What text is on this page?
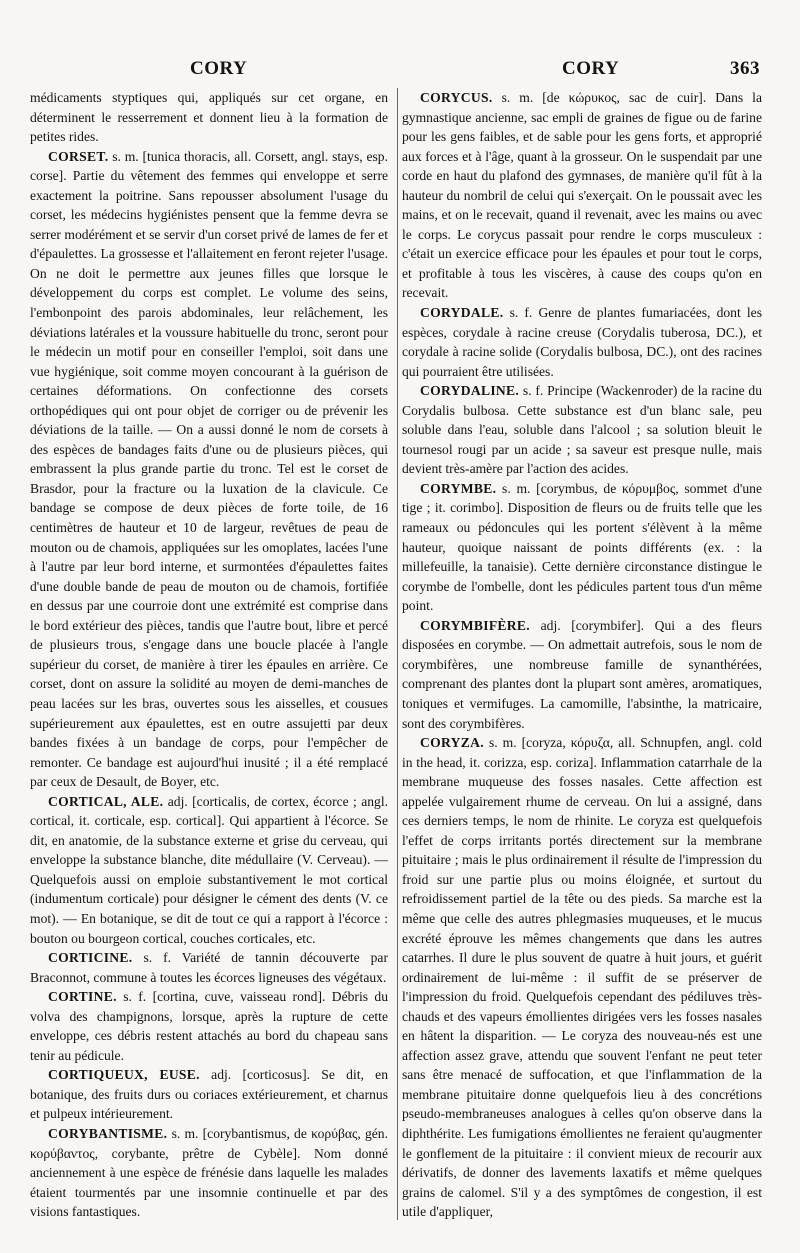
CORY	CORY	363

médicaments styptiques qui, appliqués sur cet organe, en déterminent le resserrement et donnent lieu à la formation de petites rides.

CORSET. s. m. [tunica thoracis, all. Corsett, angl. stays, esp. corse]. Partie du vêtement des femmes qui enveloppe et serre exactement la poitrine. Sans repousser absolument l'usage du corset, les médecins hygiénistes pensent que la femme devra se serrer modérément et se servir d'un corset privé de lames de fer et d'épaulettes. La grossesse et l'allaitement en feront rejeter l'usage. On ne doit le permettre aux jeunes filles que lorsque le développement du corps est complet. Le volume des seins, l'embonpoint des parois abdominales, leur relâchement, les déviations latérales et la voussure habituelle du tronc, seront pour le médecin un motif pour en conseiller l'emploi, soit dans une vue hygiénique, soit comme moyen concourant à la guérison de certaines déformations. On confectionne des corsets orthopédiques qui ont pour objet de corriger ou de prévenir les déviations de la taille. — On a aussi donné le nom de corsets à des espèces de bandages faits d'une ou de plusieurs pièces, qui embrassent la plus grande partie du tronc. Tel est le corset de Brasdor, pour la fracture ou la luxation de la clavicule. Ce bandage se compose de deux pièces de forte toile, de 16 centimètres de hauteur et 10 de largeur, revêtues de peau de mouton ou de chamois, appliquées sur les omoplates, lacées l'une à l'autre par leur bord interne, et surmontées d'épaulettes faites d'une double bande de peau de mouton ou de chamois, fortifiée en dessus par une courroie dont une extrémité est comprise dans le bord extérieur des pièces, tandis que l'autre bout, libre et percé de plusieurs trous, s'engage dans une boucle placée à l'angle supérieur du corset, de manière à tirer les épaules en arrière. Ce corset, dont on assure la solidité au moyen de demi-manches de peau lacées sur les bras, ouvertes sous les aisselles, et cousues supérieurement aux épaulettes, est en outre assujetti par deux bandes fixées à un bandage de corps, pour l'empêcher de remonter. Ce bandage est aujourd'hui inusité ; il a été remplacé par ceux de Desault, de Boyer, etc.

CORTICAL, ALE. adj. [corticalis, de cortex, écorce ; angl. cortical, it. corticale, esp. cortical]. Qui appartient à l'écorce. Se dit, en anatomie, de la substance externe et grise du cerveau, qui enveloppe la substance blanche, dite médullaire (V. Cerveau). — Quelquefois aussi on emploie substantivement le mot cortical (indumentum corticale) pour désigner le cément des dents (V. ce mot). — En botanique, se dit de tout ce qui a rapport à l'écorce : bouton ou bourgeon cortical, couches corticales, etc.

CORTICINE. s. f. Variété de tannin découverte par Braconnot, commune à toutes les écorces ligneuses des végétaux.

CORTINE. s. f. [cortina, cuve, vaisseau rond]. Débris du volva des champignons, lorsque, après la rupture de cette enveloppe, ces débris restent attachés au bord du chapeau sans tenir au pédicule.

CORTIQUEUX, EUSE. adj. [corticosus]. Se dit, en botanique, des fruits durs ou coriaces extérieurement, et charnus et pulpeux intérieurement.

CORYBANTISME. s. m. [corybantismus, de κορύβας, gén. κορύβαντος, corybante, prêtre de Cybèle]. Nom donné anciennement à une espèce de frénésie dans laquelle les malades étaient tourmentés par une insomnie continuelle et par des visions fantastiques.

CORYCUS. s. m. [de κώρυκος, sac de cuir]. Dans la gymnastique ancienne, sac empli de graines de figue ou de farine pour les gens faibles, et de sable pour les gens forts, et approprié aux forces et à l'âge, quant à la grosseur. On le suspendait par une corde en haut du plafond des gymnases, de manière qu'il fût à la hauteur du nombril de celui qui s'exerçait. On le poussait avec les mains, et on le recevait, quand il revenait, avec les mains ou avec le corps. Le corycus passait pour rendre le corps musculeux : c'était un exercice efficace pour les épaules et pour tout le corps, et profitable à tous les viscères, à cause des coups qu'on en recevait.

CORYDALE. s. f. Genre de plantes fumariacées, dont les espèces, corydale à racine creuse (Corydalis tuberosa, DC.), et corydale à racine solide (Corydalis bulbosa, DC.), ont des racines qui pourraient être utilisées.

CORYDALINE. s. f. Principe (Wackenroder) de la racine du Corydalis bulbosa. Cette substance est d'un blanc sale, peu soluble dans l'eau, soluble dans l'alcool ; sa solution bleuit le tournesol rougi par un acide ; sa saveur est presque nulle, mais devient très-amère par l'action des acides.

CORYMBE. s. m. [corymbus, de κόρυμβος, sommet d'une tige ; it. corimbo]. Disposition de fleurs ou de fruits telle que les rameaux ou pédoncules qui les portent s'élèvent à la même hauteur, quoique naissant de points différents (ex. : la millefeuille, la tanaisie). Cette dernière circonstance distingue le corymbe de l'ombelle, dont les pédicules partent tous d'un même point.

CORYMBIFÈRE. adj. [corymbifer]. Qui a des fleurs disposées en corymbe. — On admettait autrefois, sous le nom de corymbifères, une nombreuse famille de synanthérées, comprenant des plantes dont la plupart sont amères, aromatiques, toniques et vermifuges. La camomille, l'absinthe, la matricaire, sont des corymbifères.

CORYZA. s. m. [coryza, κόρυζα, all. Schnupfen, angl. cold in the head, it. corizza, esp. coriza]. Inflammation catarrhale de la membrane muqueuse des fosses nasales. Cette affection est appelée vulgairement rhume de cerveau. On lui a assigné, dans ces derniers temps, le nom de rhinite. Le coryza est quelquefois l'effet de corps irritants portés directement sur la membrane pituitaire ; mais le plus ordinairement il résulte de l'impression du froid sur une partie plus ou moins éloignée, et surtout du refroidissement partiel de la tête ou des pieds. Sa marche est la même que celle des autres phlegmasies muqueuses, et le mucus excrété éprouve les mêmes changements que dans les autres catarrhes. Il dure le plus souvent de quatre à huit jours, et guérit ordinairement de lui-même : il suffit de se préserver de l'impression du froid. Quelquefois cependant des pédiluves très-chauds et des vapeurs émollientes dirigées vers les fosses nasales en hâtent la disparition. — Le coryza des nouveau-nés est une affection assez grave, attendu que souvent l'enfant ne peut teter sans être menacé de suffocation, et que l'inflammation de la membrane pituitaire donne quelquefois lieu à des concrétions pseudo-membraneuses analogues à celles qu'on observe dans la diphthérite. Les fumigations émollientes ne feraient qu'augmenter le gonflement de la pituitaire : il convient mieux de recourir aux dérivatifs, de donner des lavements laxatifs et même quelques grains de calomel. S'il y a des symptômes de congestion, il est utile d'appliquer,
